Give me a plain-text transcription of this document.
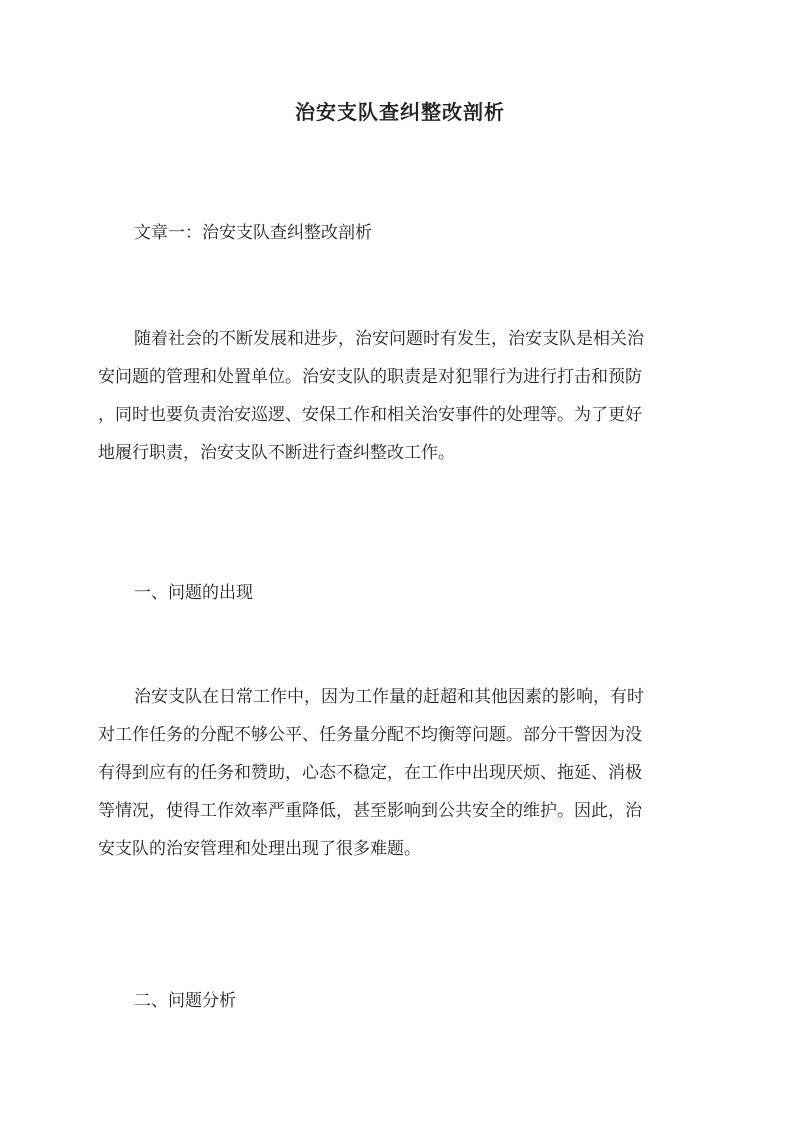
治安支队查纠整改剖析

文章一：治安支队查纠整改剖析

随着社会的不断发展和进步，治安问题时有发生，治安支队是相关治
安问题的管理和处置单位。治安支队的职责是对犯罪行为进行打击和预防
，同时也要负责治安巡逻、安保工作和相关治安事件的处理等。为了更好
地履行职责，治安支队不断进行查纠整改工作。

一、问题的出现

治安支队在日常工作中，因为工作量的赶超和其他因素的影响，有时
对工作任务的分配不够公平、任务量分配不均衡等问题。部分干警因为没
有得到应有的任务和赞助，心态不稳定，在工作中出现厌烦、拖延、消极
等情况，使得工作效率严重降低，甚至影响到公共安全的维护。因此，治
安支队的治安管理和处理出现了很多难题。

二、问题分析
